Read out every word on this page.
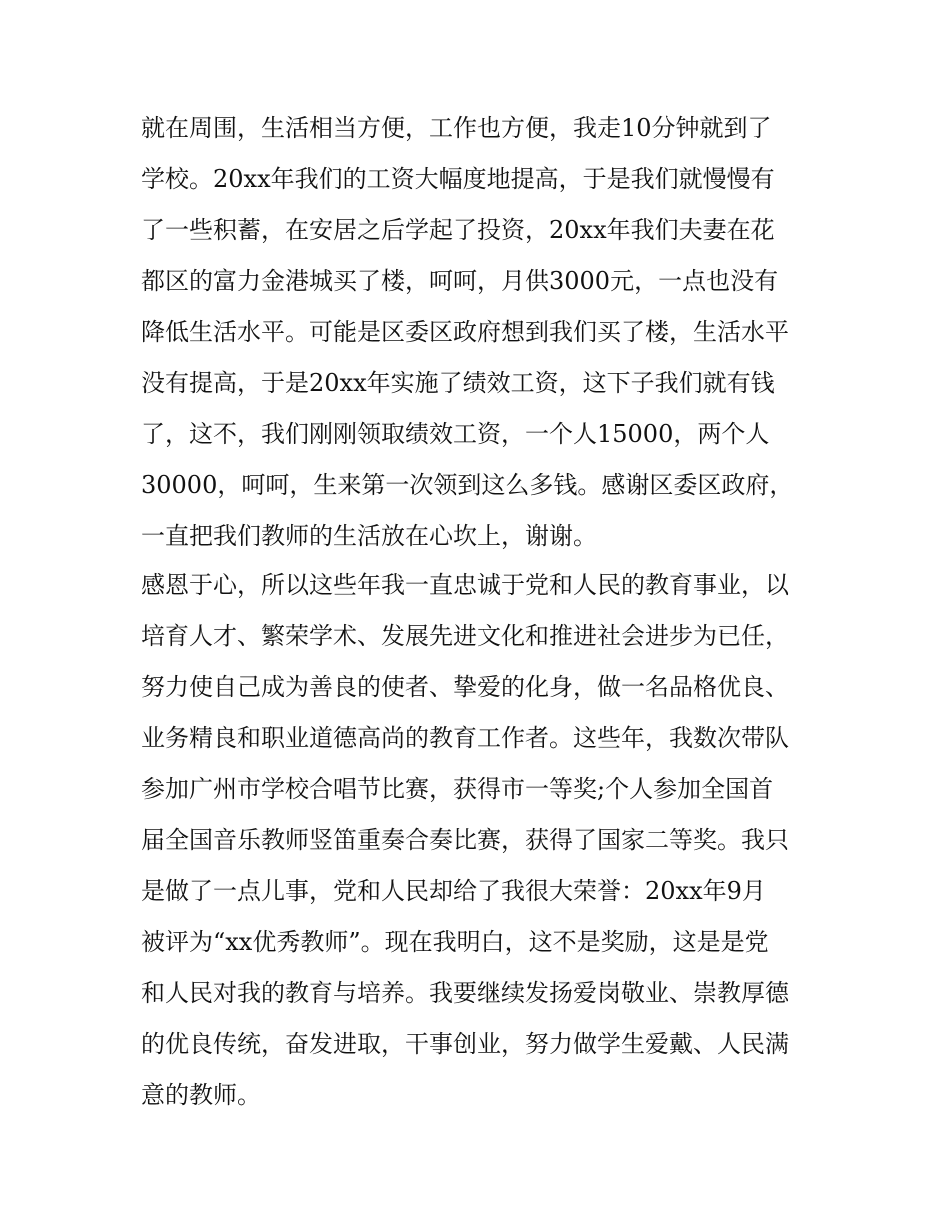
就在周围，生活相当方便，工作也方便，我走10分钟就到了
学校。20xx年我们的工资大幅度地提高，于是我们就慢慢有
了一些积蓄，在安居之后学起了投资，20xx年我们夫妻在花
都区的富力金港城买了楼，呵呵，月供3000元，一点也没有
降低生活水平。可能是区委区政府想到我们买了楼，生活水平
没有提高，于是20xx年实施了绩效工资，这下子我们就有钱
了，这不，我们刚刚领取绩效工资，一个人15000，两个人
30000，呵呵，生来第一次领到这么多钱。感谢区委区政府，
一直把我们教师的生活放在心坎上，谢谢。
感恩于心，所以这些年我一直忠诚于党和人民的教育事业，以
培育人才、繁荣学术、发展先进文化和推进社会进步为已任，
努力使自己成为善良的使者、挚爱的化身，做一名品格优良、
业务精良和职业道德高尚的教育工作者。这些年，我数次带队
参加广州市学校合唱节比赛，获得市一等奖;个人参加全国首
届全国音乐教师竖笛重奏合奏比赛，获得了国家二等奖。我只
是做了一点儿事，党和人民却给了我很大荣誉：20xx年9月
被评为“xx优秀教师”。现在我明白，这不是奖励，这是是党
和人民对我的教育与培养。我要继续发扬爱岗敬业、崇教厚德
的优良传统，奋发进取，干事创业，努力做学生爱戴、人民满
意的教师。
